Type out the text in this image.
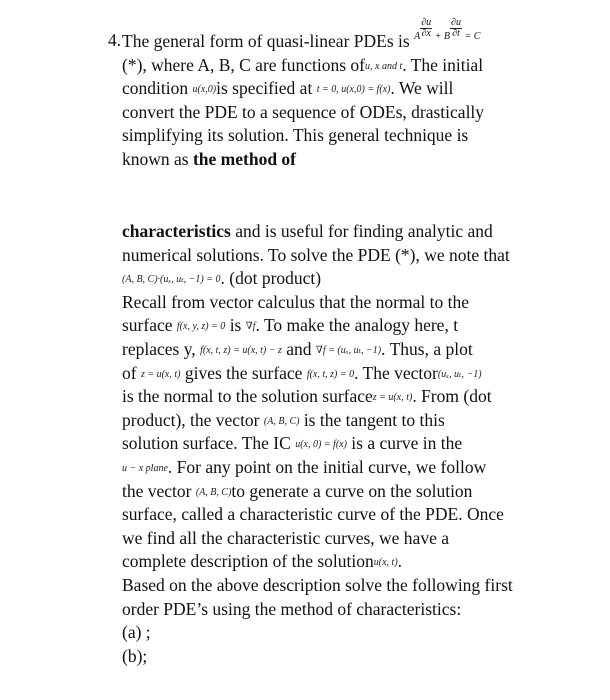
4. The general form of quasi-linear PDEs is $^{A \frac{\partial u}{\partial x} + B \frac{\partial u}{\partial t} = C}$
(*), where A, B, C are functions ofu, x and t. The initial
condition u(x,0)is specified at t = 0, u(x,0) = f(x). We will
convert the PDE to a sequence of ODEs, drastically
simplifying its solution. This general technique is
known as the method of
characteristics and is useful for finding analytic and
numerical solutions. To solve the PDE (*), we note that
(A, B, C)·(uₓ, uₜ, −1) = 0. (dot product)
Recall from vector calculus that the normal to the
surface f(x, y, z) = 0 is ∇f. To make the analogy here, t
replaces y, f(x, t, z) = u(x, t) − z and ∇f = (uₓ, uₜ, −1). Thus, a plot
of z = u(x, t) gives the surface f(x, t, z) = 0. The vector(uₓ, uₜ, −1)
is the normal to the solution surfacez = u(x, t). From (dot
product), the vector (A, B, C) is the tangent to this
solution surface. The IC u(x, 0) = f(x) is a curve in the
u − x plane. For any point on the initial curve, we follow
the vector (A, B, C)to generate a curve on the solution
surface, called a characteristic curve of the PDE. Once
we find all the characteristic curves, we have a
complete description of the solutionu(x, t).
Based on the above description solve the following first
order PDE’s using the method of characteristics:
(a) ;
(b);
